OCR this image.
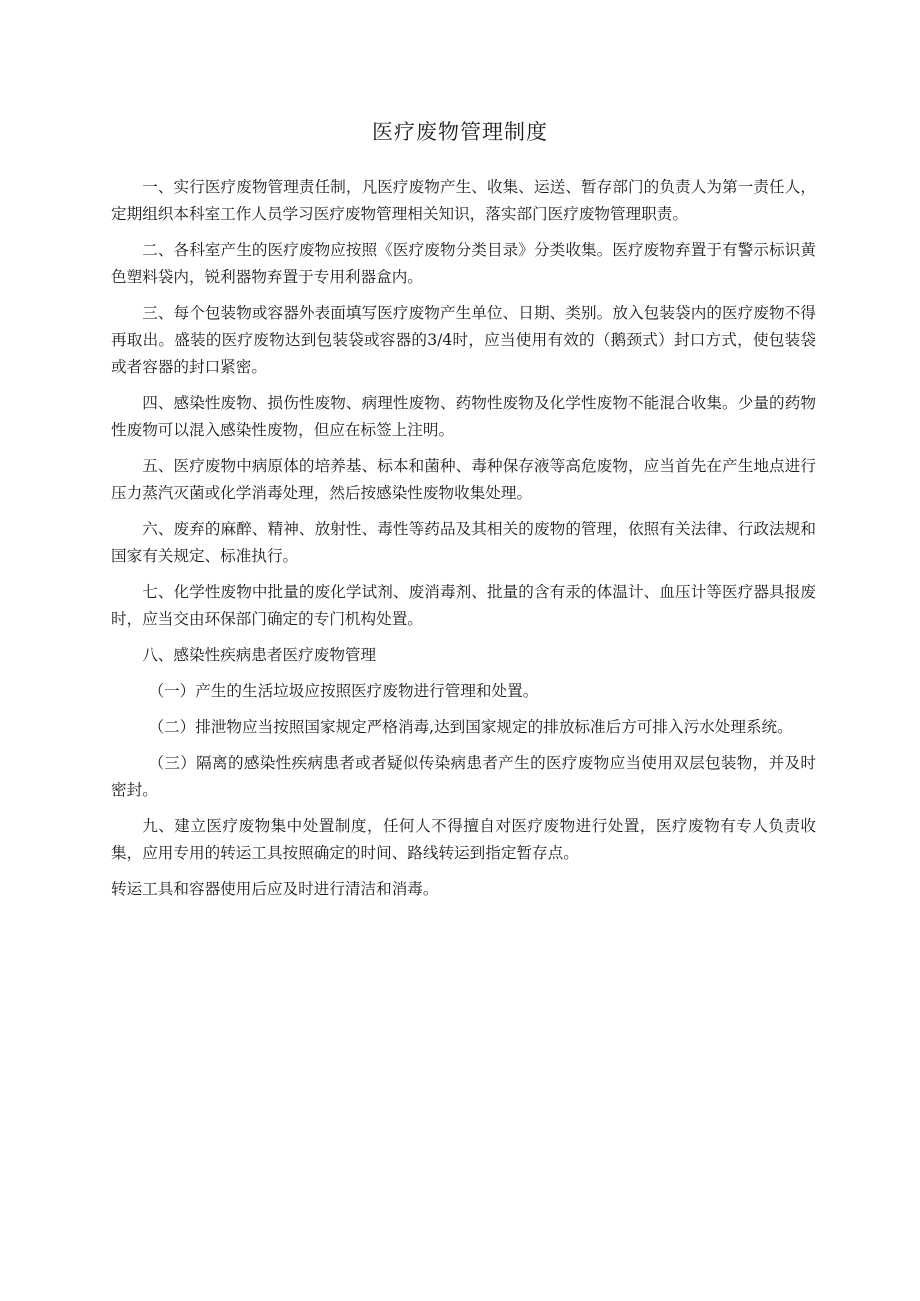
医疗废物管理制度

一、实行医疗废物管理责任制，凡医疗废物产生、收集、运送、暂存部门的负责人为第一责任人，定期组织本科室工作人员学习医疗废物管理相关知识，落实部门医疗废物管理职责。

二、各科室产生的医疗废物应按照《医疗废物分类目录》分类收集。医疗废物弃置于有警示标识黄色塑料袋内，锐利器物弃置于专用利器盒内。

三、每个包装物或容器外表面填写医疗废物产生单位、日期、类别。放入包装袋内的医疗废物不得再取出。盛装的医疗废物达到包装袋或容器的3/4时，应当使用有效的（鹅颈式）封口方式，使包装袋或者容器的封口紧密。

四、感染性废物、损伤性废物、病理性废物、药物性废物及化学性废物不能混合收集。少量的药物性废物可以混入感染性废物，但应在标签上注明。

五、医疗废物中病原体的培养基、标本和菌种、毒种保存液等高危废物，应当首先在产生地点进行压力蒸汽灭菌或化学消毒处理，然后按感染性废物收集处理。

六、废弃的麻醉、精神、放射性、毒性等药品及其相关的废物的管理，依照有关法律、行政法规和国家有关规定、标准执行。

七、化学性废物中批量的废化学试剂、废消毒剂、批量的含有汞的体温计、血压计等医疗器具报废时，应当交由环保部门确定的专门机构处置。

八、感染性疾病患者医疗废物管理

（一）产生的生活垃圾应按照医疗废物进行管理和处置。

（二）排泄物应当按照国家规定严格消毒,达到国家规定的排放标准后方可排入污水处理系统。

（三）隔离的感染性疾病患者或者疑似传染病患者产生的医疗废物应当使用双层包装物，并及时密封。

九、建立医疗废物集中处置制度，任何人不得擅自对医疗废物进行处置，医疗废物有专人负责收集，应用专用的转运工具按照确定的时间、路线转运到指定暂存点。

转运工具和容器使用后应及时进行清洁和消毒。
